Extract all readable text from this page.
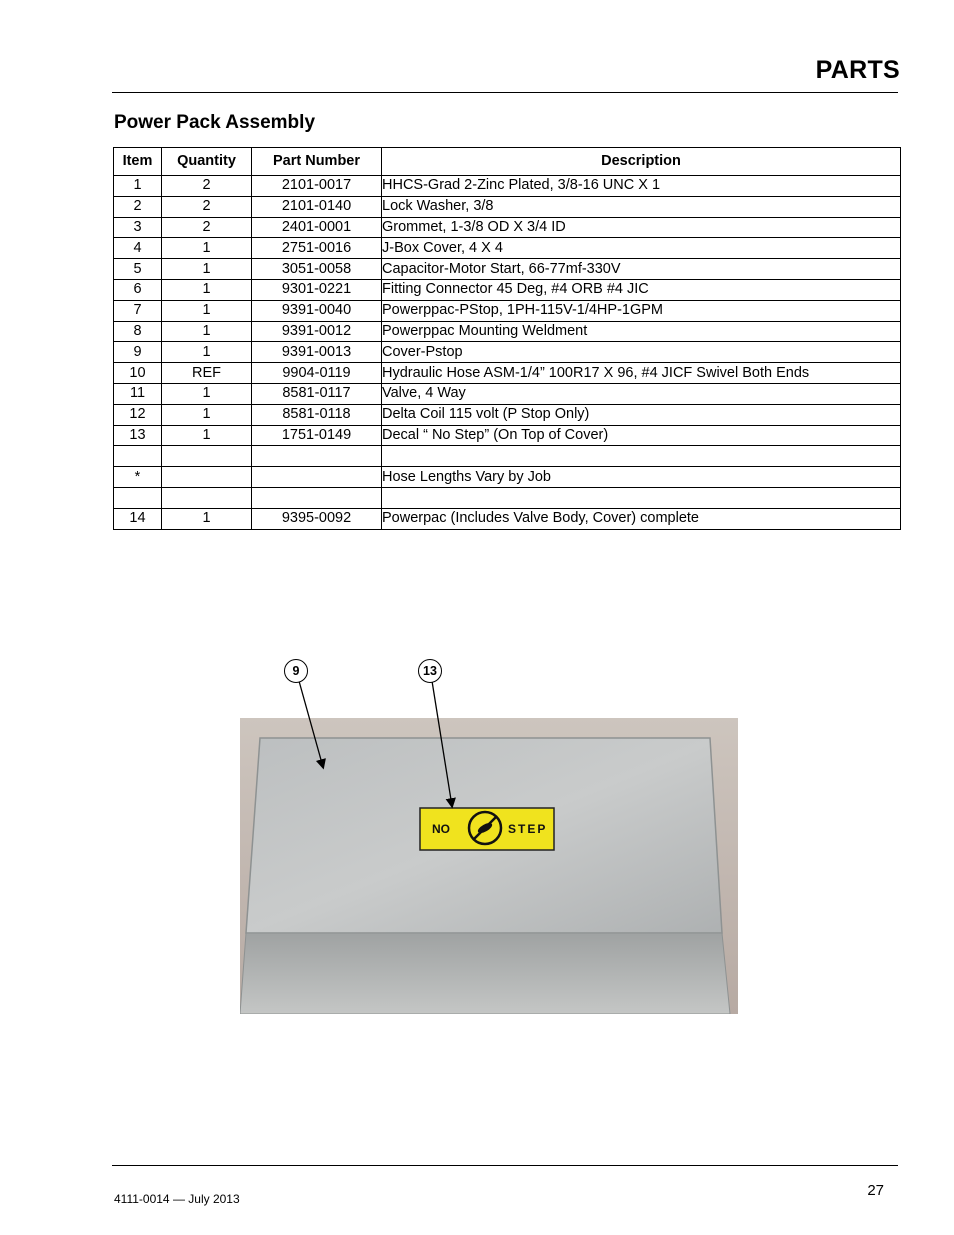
PARTS
Power Pack Assembly
Item	Quantity	Part Number	Description
1	2	2101-0017	HHCS-Grad 2-Zinc Plated, 3/8-16 UNC X 1
2	2	2101-0140	Lock Washer, 3/8
3	2	2401-0001	Grommet, 1-3/8 OD X 3/4 ID
4	1	2751-0016	J-Box Cover, 4 X 4
5	1	3051-0058	Capacitor-Motor Start, 66-77mf-330V
6	1	9301-0221	Fitting Connector 45 Deg, #4 ORB #4 JIC
7	1	9391-0040	Powerppac-PStop, 1PH-115V-1/4HP-1GPM
8	1	9391-0012	Powerppac Mounting Weldment
9	1	9391-0013	Cover-Pstop
10	REF	9904-0119	Hydraulic Hose ASM-1/4” 100R17 X 96, #4 JICF Swivel Both Ends
11	1	8581-0117	Valve, 4 Way
12	1	8581-0118	Delta Coil 115 volt (P Stop Only)
13	1	1751-0149	Decal “ No Step” (On Top of Cover)

*			Hose Lengths Vary by Job

14	1	9395-0092	Powerpac (Includes Valve Body, Cover) complete
NO	STEP
9	13
27
4111-0014 — July 2013
